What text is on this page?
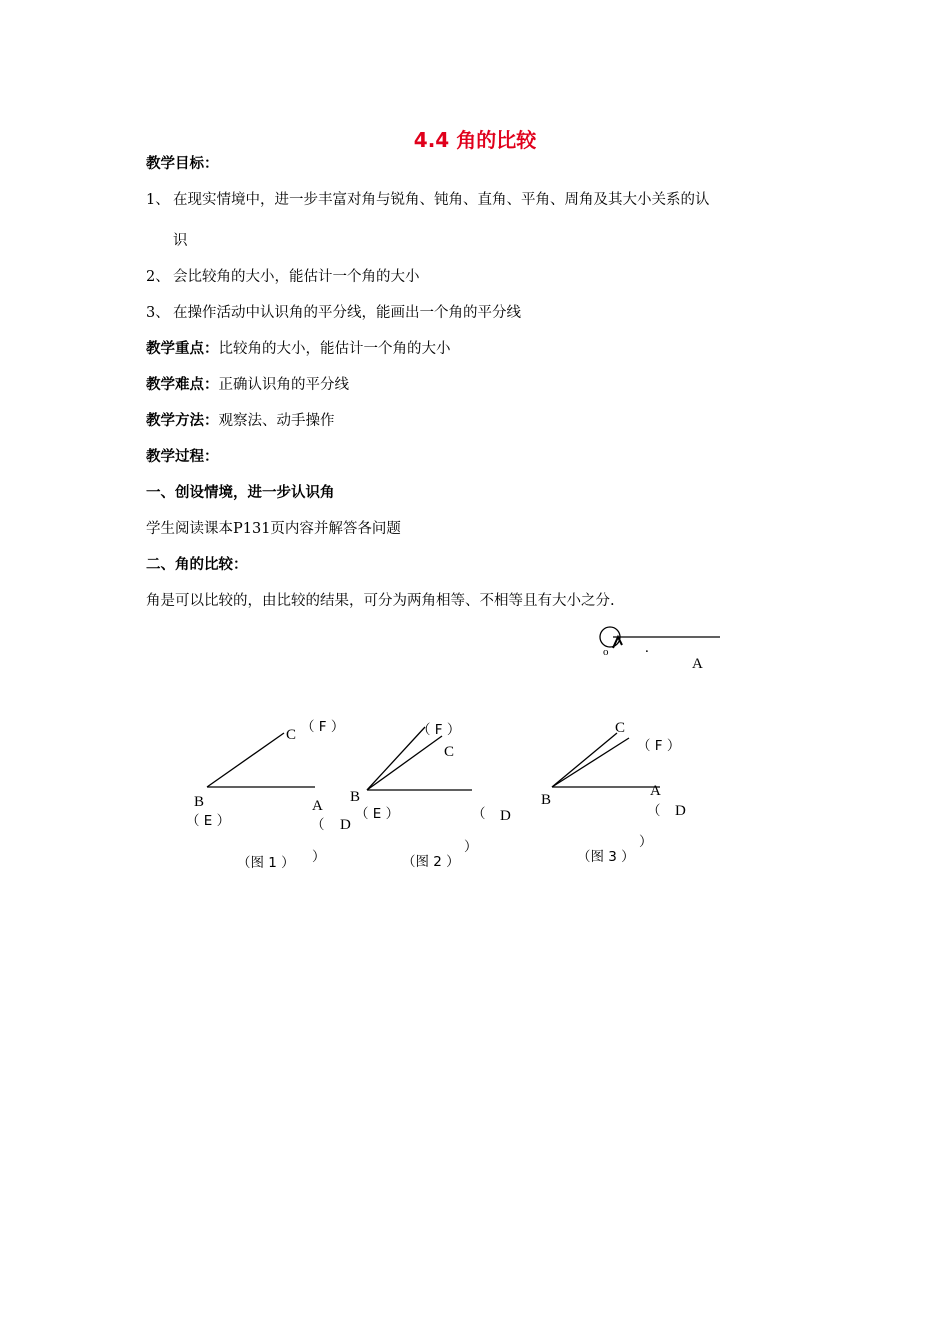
4.4 角的比较
教学目标：
1、 在现实情境中，进一步丰富对角与锐角、钝角、直角、平角、周角及其大小关系的认
识
2、 会比较角的大小，能估计一个角的大小
3、 在操作活动中认识角的平分线，能画出一个角的平分线
教学重点：比较角的大小，能估计一个角的大小
教学难点：正确认识角的平分线
教学方法：观察法、动手操作
教学过程：
一、创设情境，进一步认识角
学生阅读课本P131页内容并解答各问题
二、角的比较：
角是可以比较的，由比较的结果，可分为两角相等、不相等且有大小之分.
o .
A
C （ F ）
B
（ E ）
A
（ D
）
（图 1 ）
（ F ）
C
B
（ E ）	（ D
）
（图 2 ）
C
（ F ）
B
A
（ D
）
（图 3 ）
